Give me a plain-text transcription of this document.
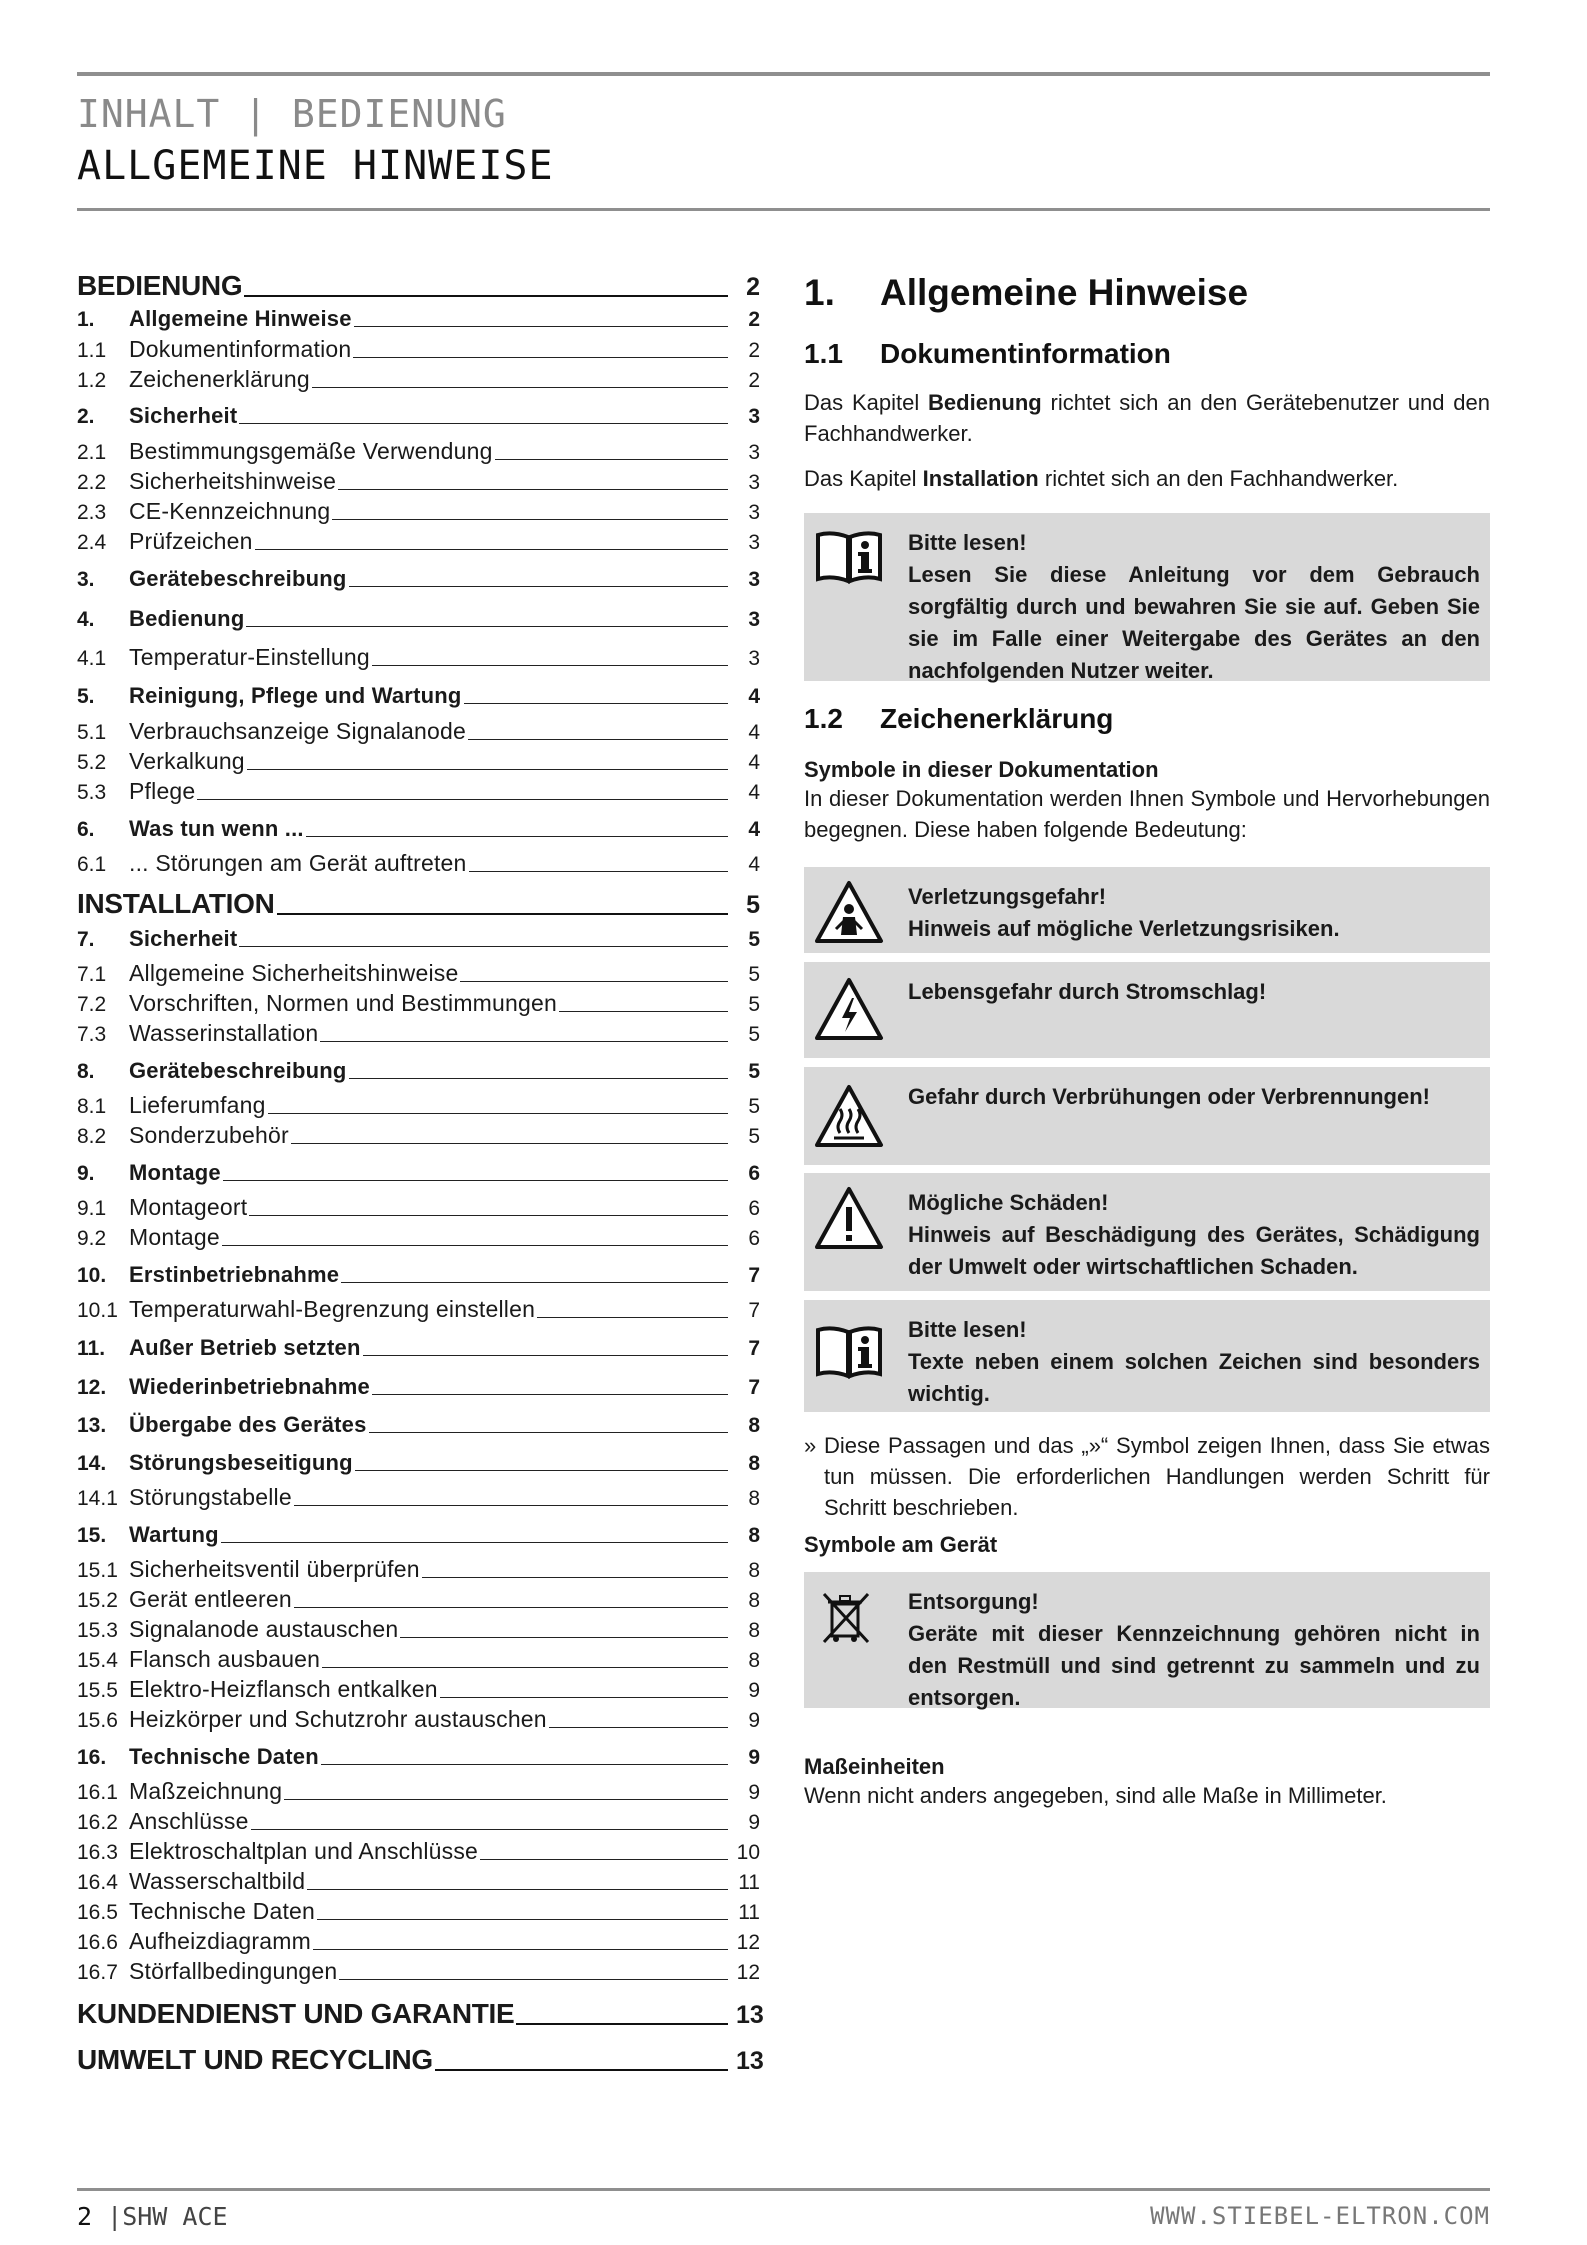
INHALT | BEDIENUNG
ALLGEMEINE HINWEISE
BEDIENUNG	2
1.	Allgemeine Hinweise	2
1.1 Dokumentinformation	2
1.2 Zeichenerklärung	2
2.	Sicherheit	3
2.1 Bestimmungsgemäße Verwendung	3
2.2 Sicherheitshinweise	3
2.3 CE-Kennzeichnung	3
2.4 Prüfzeichen	3
3.	Gerätebeschreibung	3
4.	Bedienung	3
4.1 Temperatur-Einstellung	3
5.	Reinigung, Pflege und Wartung	4
5.1 Verbrauchsanzeige Signalanode	4
5.2 Verkalkung	4
5.3 Pflege	4
6.	Was tun wenn ...	4
6.1 ... Störungen am Gerät auftreten	4
INSTALLATION	5
7.	Sicherheit	5
7.1 Allgemeine Sicherheitshinweise	5
7.2 Vorschriften, Normen und Bestimmungen	5
7.3 Wasserinstallation	5
8.	Gerätebeschreibung	5
8.1 Lieferumfang	5
8.2 Sonderzubehör	5
9.	Montage	6
9.1 Montageort	6
9.2 Montage	6
10.	Erstinbetriebnahme	7
10.1 Temperaturwahl-Begrenzung einstellen	7
11.	Außer Betrieb setzten	7
12.	Wiederinbetriebnahme	7
13.	Übergabe des Gerätes	8
14.	Störungsbeseitigung	8
14.1 Störungstabelle	8
15.	Wartung	8
15.1 Sicherheitsventil überprüfen	8
15.2 Gerät entleeren	8
15.3 Signalanode austauschen	8
15.4 Flansch ausbauen	8
15.5 Elektro-Heizflansch entkalken	9
15.6 Heizkörper und Schutzrohr austauschen	9
16.	Technische Daten	9
16.1 Maßzeichnung	9
16.2 Anschlüsse	9
16.3 Elektroschaltplan und Anschlüsse	10
16.4 Wasserschaltbild	11
16.5 Technische Daten	11
16.6 Aufheizdiagramm	12
16.7 Störfallbedingungen	12
KUNDENDIENST UND GARANTIE	13
UMWELT UND RECYCLING	13
1. Allgemeine Hinweise
1.1 Dokumentinformation
Das Kapitel Bedienung richtet sich an den Gerätebenutzer und den Fachhandwerker.
Das Kapitel Installation richtet sich an den Fachhandwerker.
Bitte lesen!
Lesen Sie diese Anleitung vor dem Gebrauch sorgfältig durch und bewahren Sie sie auf. Geben Sie sie im Falle einer Weitergabe des Gerätes an den nachfolgenden Nutzer weiter.
1.2 Zeichenerklärung
Symbole in dieser Dokumentation
In dieser Dokumentation werden Ihnen Symbole und Hervorhebungen begegnen. Diese haben folgende Bedeutung:
Verletzungsgefahr!
Hinweis auf mögliche Verletzungsrisiken.
Lebensgefahr durch Stromschlag!
Gefahr durch Verbrühungen oder Verbrennungen!
Mögliche Schäden!
Hinweis auf Beschädigung des Gerätes, Schädigung der Umwelt oder wirtschaftlichen Schaden.
Bitte lesen!
Texte neben einem solchen Zeichen sind besonders wichtig.
» Diese Passagen und das „»“ Symbol zeigen Ihnen, dass Sie etwas tun müssen. Die erforderlichen Handlungen werden Schritt für Schritt beschrieben.
Symbole am Gerät
Entsorgung!
Geräte mit dieser Kennzeichnung gehören nicht in den Restmüll und sind getrennt zu sammeln und zu entsorgen.
Maßeinheiten
Wenn nicht anders angegeben, sind alle Maße in Millimeter.
2 |SHW ACE	WWW.STIEBEL-ELTRON.COM
